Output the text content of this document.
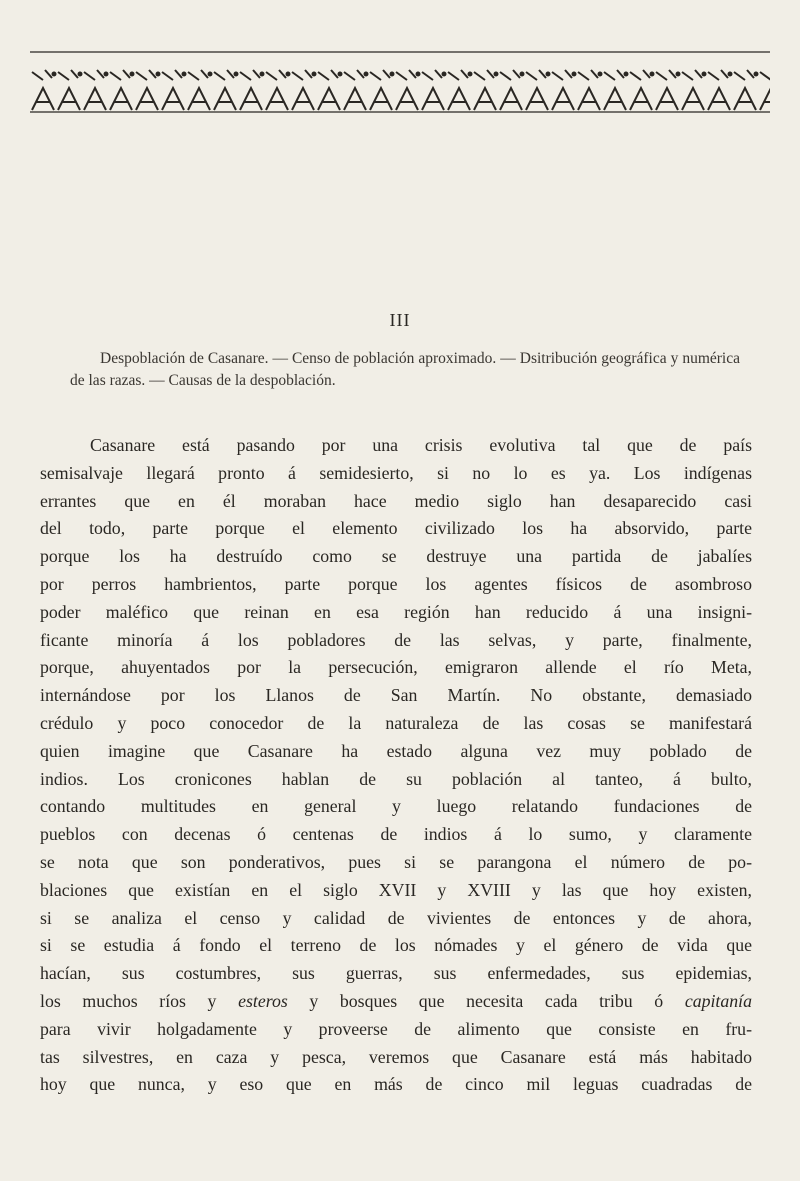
III

Despoblación de Casanare. — Censo de población aproximado. — Dsitribución geográfica y numérica de las razas. — Causas de la despoblación.

Casanare está pasando por una crisis evolutiva tal que de país
semisalvaje llegará pronto á semidesierto, si no lo es ya. Los indígenas
errantes que en él moraban hace medio siglo han desaparecido casi
del todo, parte porque el elemento civilizado los ha absorvido, parte
porque los ha destruído como se destruye una partida de jabalíes
por perros hambrientos, parte porque los agentes físicos de asombroso
poder maléfico que reinan en esa región han reducido á una insigni-
ficante minoría á los pobladores de las selvas, y parte, finalmente,
porque, ahuyentados por la persecución, emigraron allende el río Meta,
internándose por los Llanos de San Martín. No obstante, demasiado
crédulo y poco conocedor de la naturaleza de las cosas se manifestará
quien imagine que Casanare ha estado alguna vez muy poblado de
indios. Los cronicones hablan de su población al tanteo, á bulto,
contando multitudes en general y luego relatando fundaciones de
pueblos con decenas ó centenas de indios á lo sumo, y claramente
se nota que son ponderativos, pues si se parangona el número de po-
blaciones que existían en el siglo XVII y XVIII y las que hoy existen,
si se analiza el censo y calidad de vivientes de entonces y de ahora,
si se estudia á fondo el terreno de los nómades y el género de vida que
hacían, sus costumbres, sus guerras, sus enfermedades, sus epidemias,
los muchos ríos y esteros y bosques que necesita cada tribu ó capitanía
para vivir holgadamente y proveerse de alimento que consiste en fru-
tas silvestres, en caza y pesca, veremos que Casanare está más habitado
hoy que nunca, y eso que en más de cinco mil leguas cuadradas de
